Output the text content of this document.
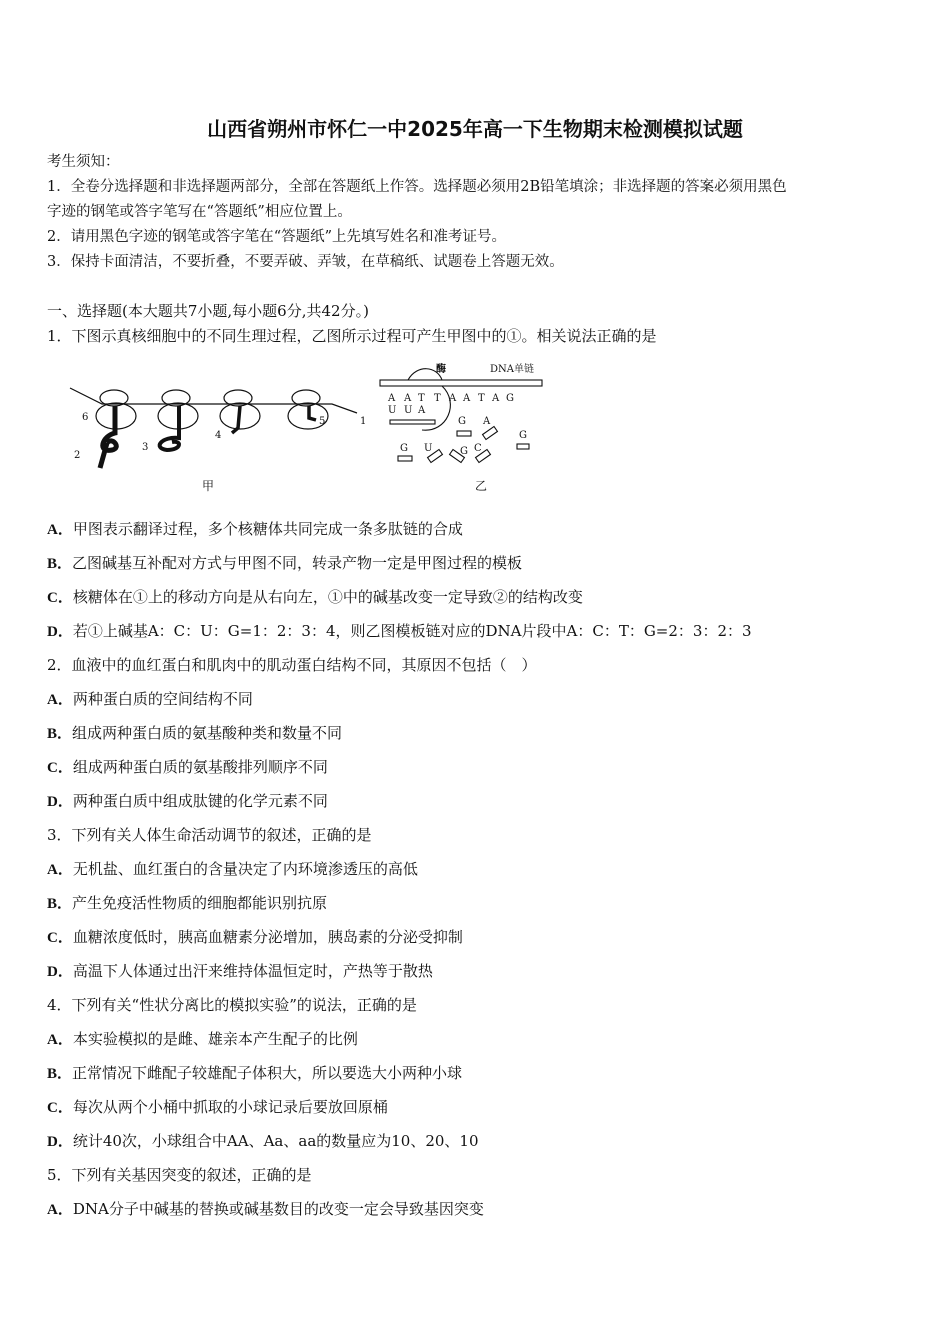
山西省朔州市怀仁一中2025年高一下生物期末检测模拟试题
考生须知：
1．全卷分选择题和非选择题两部分，全部在答题纸上作答。选择题必须用2B铅笔填涂；非选择题的答案必须用黑色
字迹的钢笔或答字笔写在“答题纸”相应位置上。
2．请用黑色字迹的钢笔或答字笔在“答题纸”上先填写姓名和准考证号。
3．保持卡面清洁，不要折叠，不要弄破、弄皱，在草稿纸、试题卷上答题无效。
一、选择题(本大题共7小题,每小题6分,共42分。)
1．下图示真核细胞中的不同生理过程，乙图所示过程可产生甲图中的①。相关说法正确的是
6
2
3
4
5	1
甲
酶	DNA单链
A A T T A A T A G
U U A
G A
G
G U	G C
乙
A．甲图表示翻译过程，多个核糖体共同完成一条多肽链的合成
B．乙图碱基互补配对方式与甲图不同，转录产物一定是甲图过程的模板
C．核糖体在①上的移动方向是从右向左，①中的碱基改变一定导致②的结构改变
D．若①上碱基A：C：U：G=1：2：3：4，则乙图模板链对应的DNA片段中A：C：T：G=2：3：2：3
2．血液中的血红蛋白和肌肉中的肌动蛋白结构不同，其原因不包括（　）
A．两种蛋白质的空间结构不同
B．组成两种蛋白质的氨基酸种类和数量不同
C．组成两种蛋白质的氨基酸排列顺序不同
D．两种蛋白质中组成肽键的化学元素不同
3．下列有关人体生命活动调节的叙述，正确的是
A．无机盐、血红蛋白的含量决定了内环境渗透压的高低
B．产生免疫活性物质的细胞都能识别抗原
C．血糖浓度低时，胰高血糖素分泌增加，胰岛素的分泌受抑制
D．高温下人体通过出汗来维持体温恒定时，产热等于散热
4．下列有关“性状分离比的模拟实验”的说法，正确的是
A．本实验模拟的是雌、雄亲本产生配子的比例
B．正常情况下雌配子较雄配子体积大，所以要选大小两种小球
C．每次从两个小桶中抓取的小球记录后要放回原桶
D．统计40次，小球组合中AA、Aa、aa的数量应为10、20、10
5．下列有关基因突变的叙述，正确的是
A．DNA分子中碱基的替换或碱基数目的改变一定会导致基因突变
